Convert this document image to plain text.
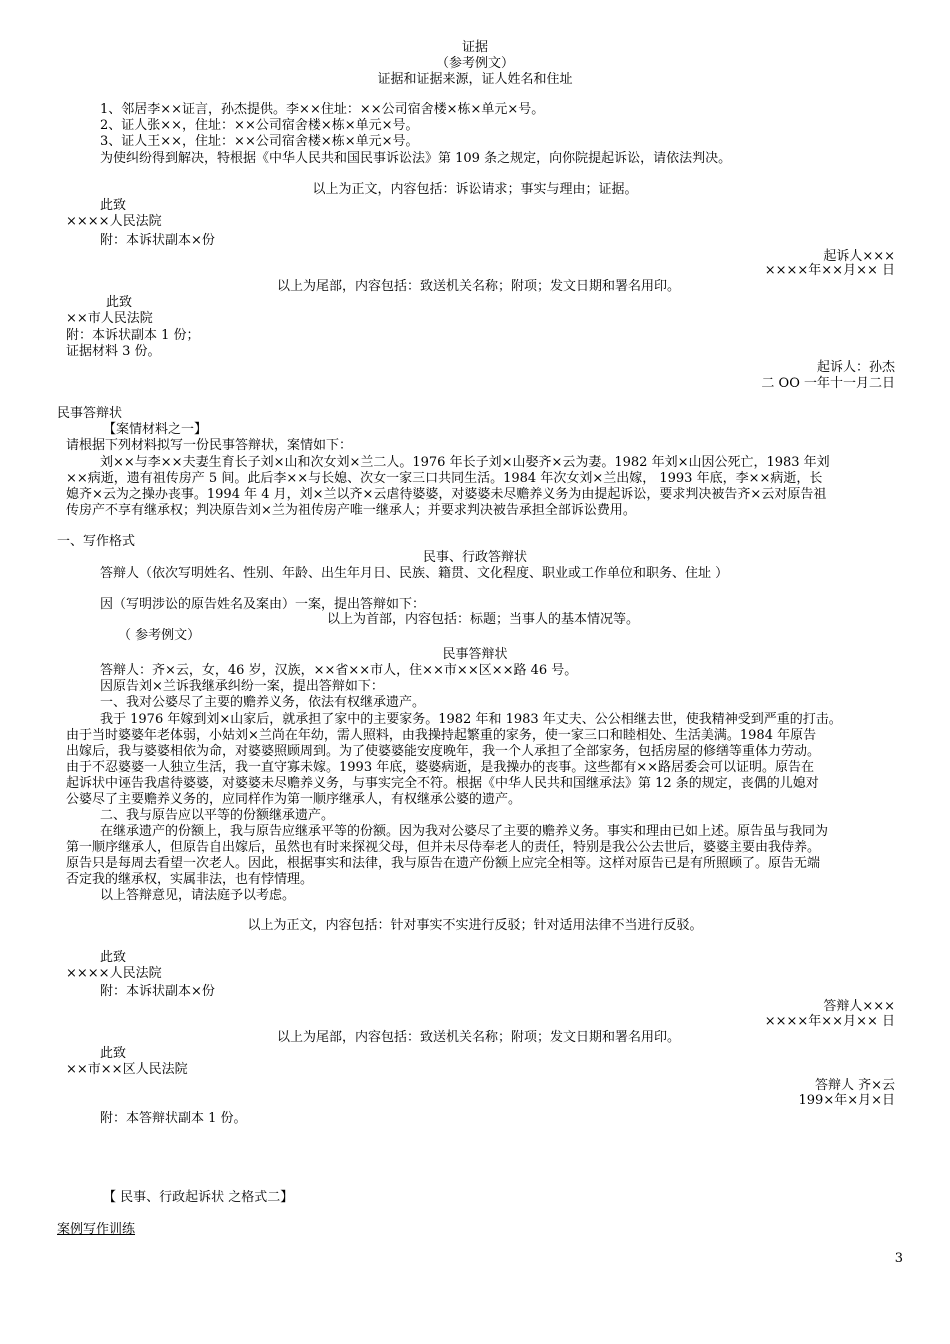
证据
（参考例文）
证据和证据来源，证人姓名和住址
1、邻居李××证言，孙杰提供。李××住址：××公司宿舍楼×栋×单元×号。
2、证人张××，住址：××公司宿舍楼×栋×单元×号。
3、证人王××，住址：××公司宿舍楼×栋×单元×号。
为使纠纷得到解决，特根据《中华人民共和国民事诉讼法》第 109 条之规定，向你院提起诉讼，请依法判决。
以上为正文，内容包括：诉讼请求；事实与理由；证据。
此致
××××人民法院
附：本诉状副本×份
起诉人×××
××××年××月×× 日
以上为尾部，内容包括：致送机关名称；附项；发文日期和署名用印。
此致
××市人民法院
附：本诉状副本 1 份；
证据材料 3 份。
起诉人：孙杰
二 OO 一年十一月二日
民事答辩状
【案情材料之一】
请根据下列材料拟写一份民事答辩状，案情如下：
刘××与李××夫妻生育长子刘×山和次女刘×兰二人。1976 年长子刘×山娶齐×云为妻。1982 年刘×山因公死亡，1983 年刘
××病逝，遗有祖传房产 5 间。此后李××与长媳、次女一家三口共同生活。1984 年次女刘×兰出嫁， 1993 年底，李××病逝，长
媳齐×云为之操办丧事。1994 年 4 月，刘×兰以齐×云虐待婆婆，对婆婆未尽赡养义务为由提起诉讼，要求判决被告齐×云对原告祖
传房产不享有继承权；判决原告刘×兰为祖传房产唯一继承人；并要求判决被告承担全部诉讼费用。
一、写作格式
民事、行政答辩状
答辩人（依次写明姓名、性别、年龄、出生年月日、民族、籍贯、文化程度、职业或工作单位和职务、住址 ）
因（写明涉讼的原告姓名及案由）一案，提出答辩如下：
以上为首部，内容包括：标题；当事人的基本情况等。
（ 参考例文）
民事答辩状
答辩人：齐×云，女，46 岁，汉族，××省××市人，住××市××区××路 46 号。
因原告刘×兰诉我继承纠纷一案，提出答辩如下：
一、我对公婆尽了主要的赡养义务，依法有权继承遗产。
我于 1976 年嫁到刘×山家后，就承担了家中的主要家务。1982 年和 1983 年丈夫、公公相继去世，使我精神受到严重的打击。
由于当时婆婆年老体弱，小姑刘×兰尚在年幼，需人照料，由我操持起繁重的家务，使一家三口和睦相处、生活美满。1984 年原告
出嫁后，我与婆婆相依为命，对婆婆照顾周到。为了使婆婆能安度晚年，我一个人承担了全部家务，包括房屋的修缮等重体力劳动。
由于不忍婆婆一人独立生活，我一直守寡未嫁。1993 年底，婆婆病逝，是我操办的丧事。这些都有××路居委会可以证明。原告在
起诉状中诬告我虐待婆婆，对婆婆未尽赡养义务，与事实完全不符。根据《中华人民共和国继承法》第 12 条的规定，丧偶的儿媳对
公婆尽了主要赡养义务的，应同样作为第一顺序继承人，有权继承公婆的遗产。
二、我与原告应以平等的份额继承遗产。
在继承遗产的份额上，我与原告应继承平等的份额。因为我对公婆尽了主要的赡养义务。事实和理由已如上述。原告虽与我同为
第一顺序继承人，但原告自出嫁后，虽然也有时来探视父母，但并未尽侍奉老人的责任，特别是我公公去世后，婆婆主要由我侍养。
原告只是每周去看望一次老人。因此，根据事实和法律，我与原告在遗产份额上应完全相等。这样对原告已是有所照顾了。原告无端
否定我的继承权，实属非法，也有悖情理。
以上答辩意见，请法庭予以考虑。
以上为正文，内容包括：针对事实不实进行反驳；针对适用法律不当进行反驳。
此致
××××人民法院
附：本诉状副本×份
答辩人×××
××××年××月×× 日
以上为尾部，内容包括：致送机关名称；附项；发文日期和署名用印。
此致
××市××区人民法院
答辩人 齐×云
199×年×月×日
附：本答辩状副本 1 份。
【 民事、行政起诉状 之格式二】
案例写作训练
3
